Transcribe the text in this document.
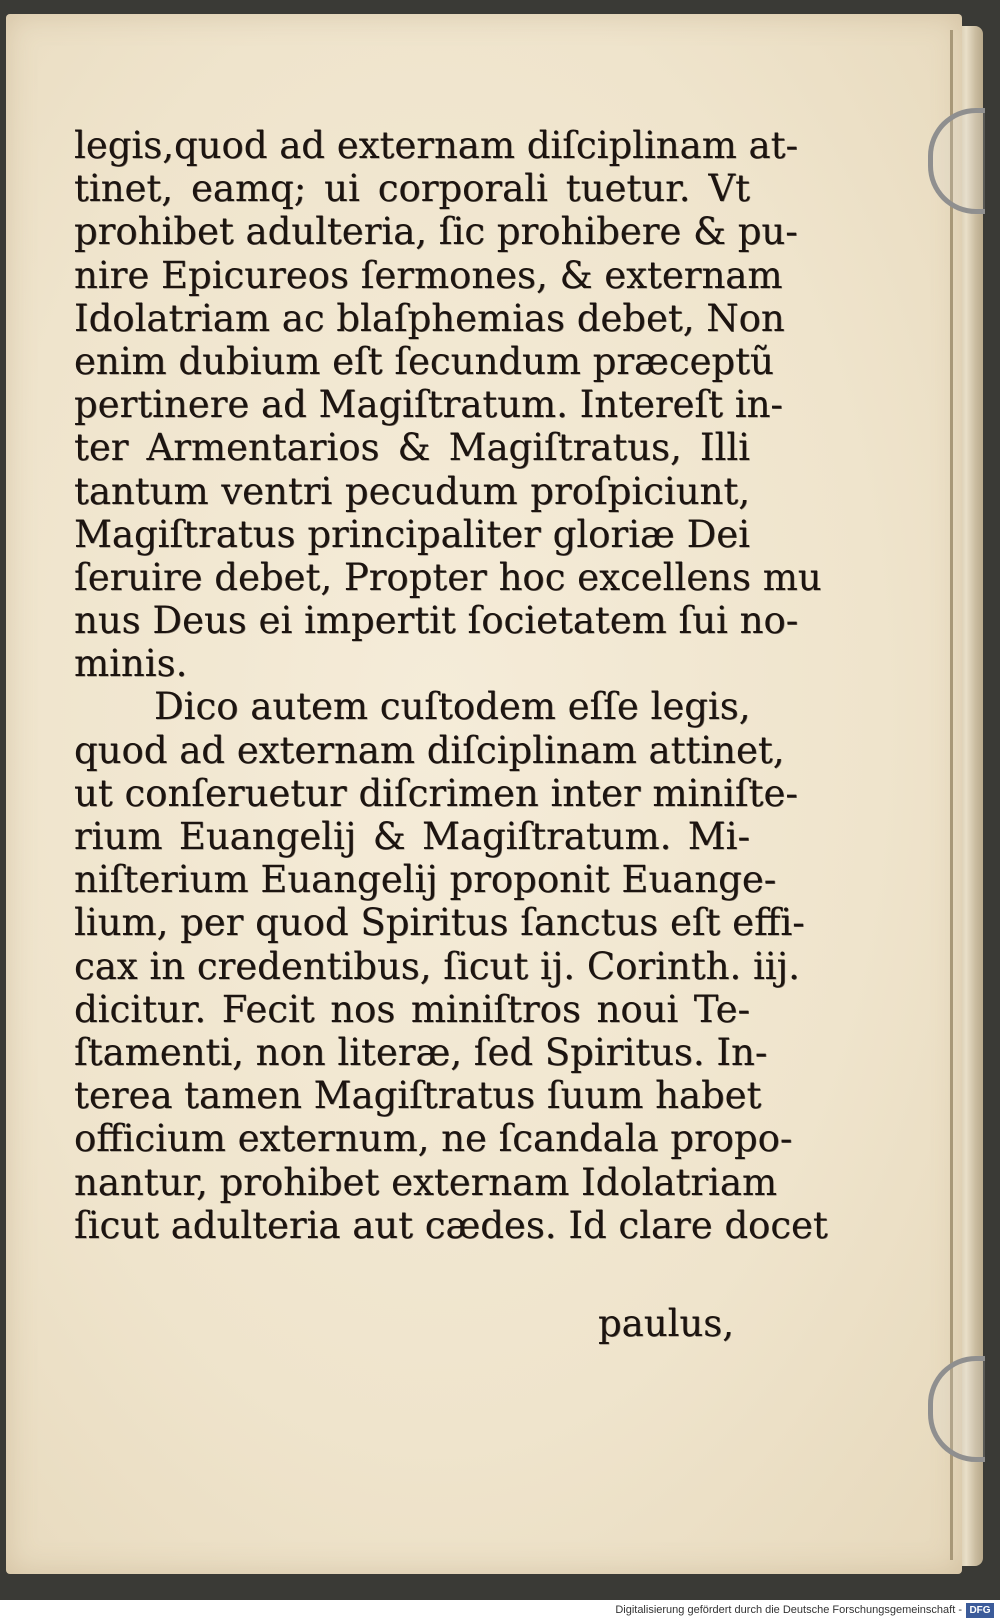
legis,quod ad externam diſciplinam at-
tinet, eamq; ui corporali tuetur. Vt
prohibet adulteria, ſic prohibere & pu-
nire Epicureos ſermones, & externam
Idolatriam ac blaſphemias debet, Non
enim dubium eſt ſecundum præceptũ
pertinere ad Magiſtratum. Intereſt in-
ter Armentarios & Magiſtratus, Illi
tantum ventri pecudum proſpiciunt,
Magiſtratus principaliter gloriæ Dei
ſeruire debet, Propter hoc excellens mu
nus Deus ei impertit ſocietatem ſui no-
minis.
Dico autem cuſtodem eſſe legis,
quod ad externam diſciplinam attinet,
ut conſeruetur diſcrimen inter miniſte-
rium Euangelij & Magiſtratum. Mi-
niſterium Euangelij proponit Euange-
lium, per quod Spiritus ſanctus eſt effi-
cax in credentibus, ſicut ij. Corinth. iij.
dicitur. Fecit nos miniſtros noui Te-
ſtamenti, non literæ, ſed Spiritus. In-
terea tamen Magiſtratus ſuum habet
officium externum, ne ſcandala propo-
nantur, prohibet externam Idolatriam
ſicut adulteria aut cædes. Id clare docet
paulus,
Digitalisierung gefördert durch die Deutsche Forschungsgemeinschaft - DFG
